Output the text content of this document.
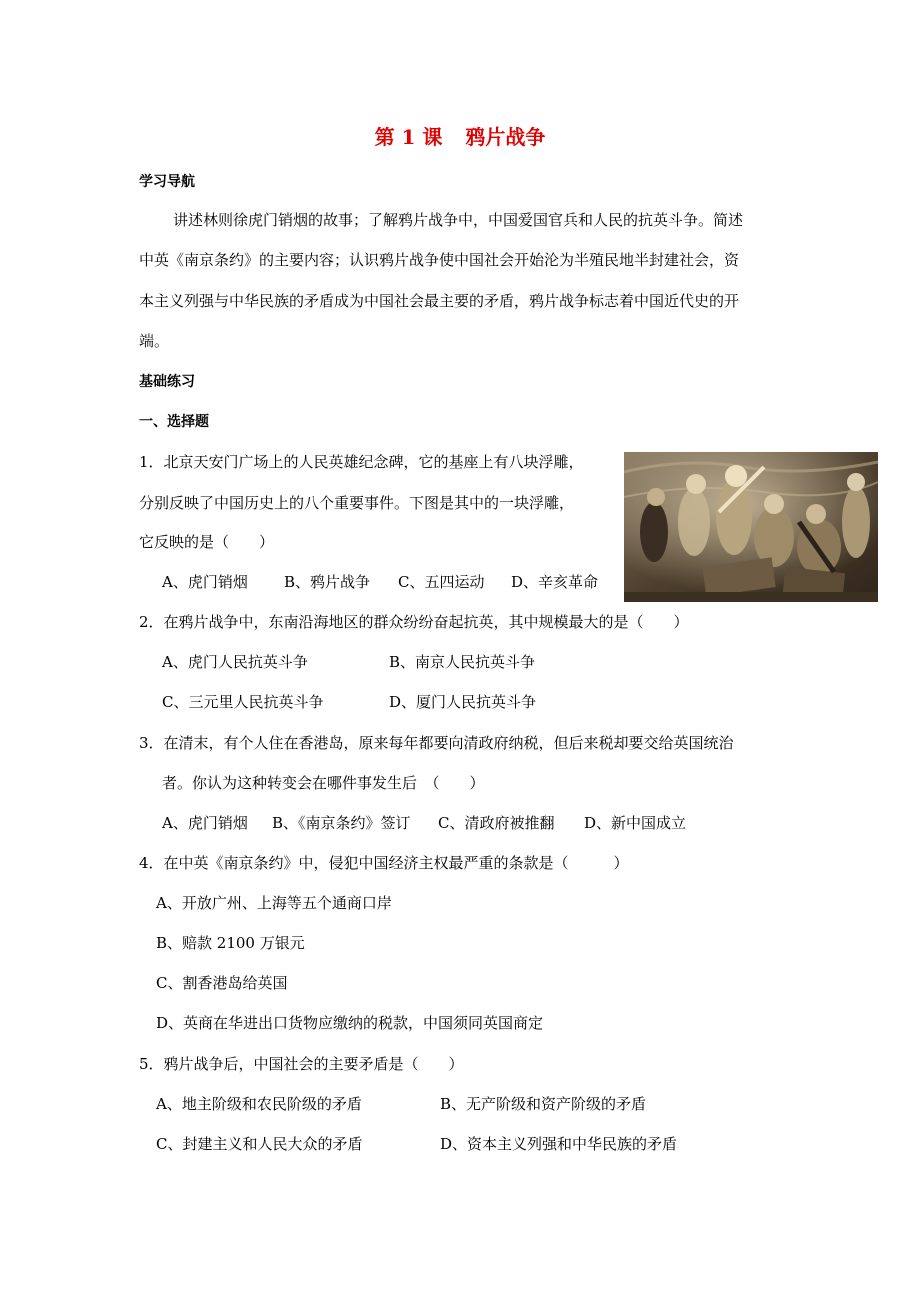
第 1 课 鸦片战争
学习导航
讲述林则徐虎门销烟的故事；了解鸦片战争中，中国爱国官兵和人民的抗英斗争。简述
中英《南京条约》的主要内容；认识鸦片战争使中国社会开始沦为半殖民地半封建社会，资
本主义列强与中华民族的矛盾成为中国社会最主要的矛盾，鸦片战争标志着中国近代史的开
端。
基础练习
一、选择题
1．北京天安门广场上的人民英雄纪念碑，它的基座上有八块浮雕，
分别反映了中国历史上的八个重要事件。下图是其中的一块浮雕，
它反映的是（　　）
A、虎门销烟 B、鸦片战争 C、五四运动 D、辛亥革命
2．在鸦片战争中，东南沿海地区的群众纷纷奋起抗英，其中规模最大的是（　　）
A、虎门人民抗英斗争	B、南京人民抗英斗争
C、三元里人民抗英斗争	D、厦门人民抗英斗争
3．在清末，有个人住在香港岛，原来每年都要向清政府纳税，但后来税却要交给英国统治
者。你认为这种转变会在哪件事发生后　（　　）
A、虎门销烟 B、《南京条约》签订 C、清政府被推翻 D、新中国成立
4．在中英《南京条约》中，侵犯中国经济主权最严重的条款是（　　　）
A、开放广州、上海等五个通商口岸
B、赔款 2100 万银元
C、割香港岛给英国
D、英商在华进出口货物应缴纳的税款，中国须同英国商定
5．鸦片战争后，中国社会的主要矛盾是（　　）
A、地主阶级和农民阶级的矛盾	B、无产阶级和资产阶级的矛盾
C、封建主义和人民大众的矛盾	D、资本主义列强和中华民族的矛盾
